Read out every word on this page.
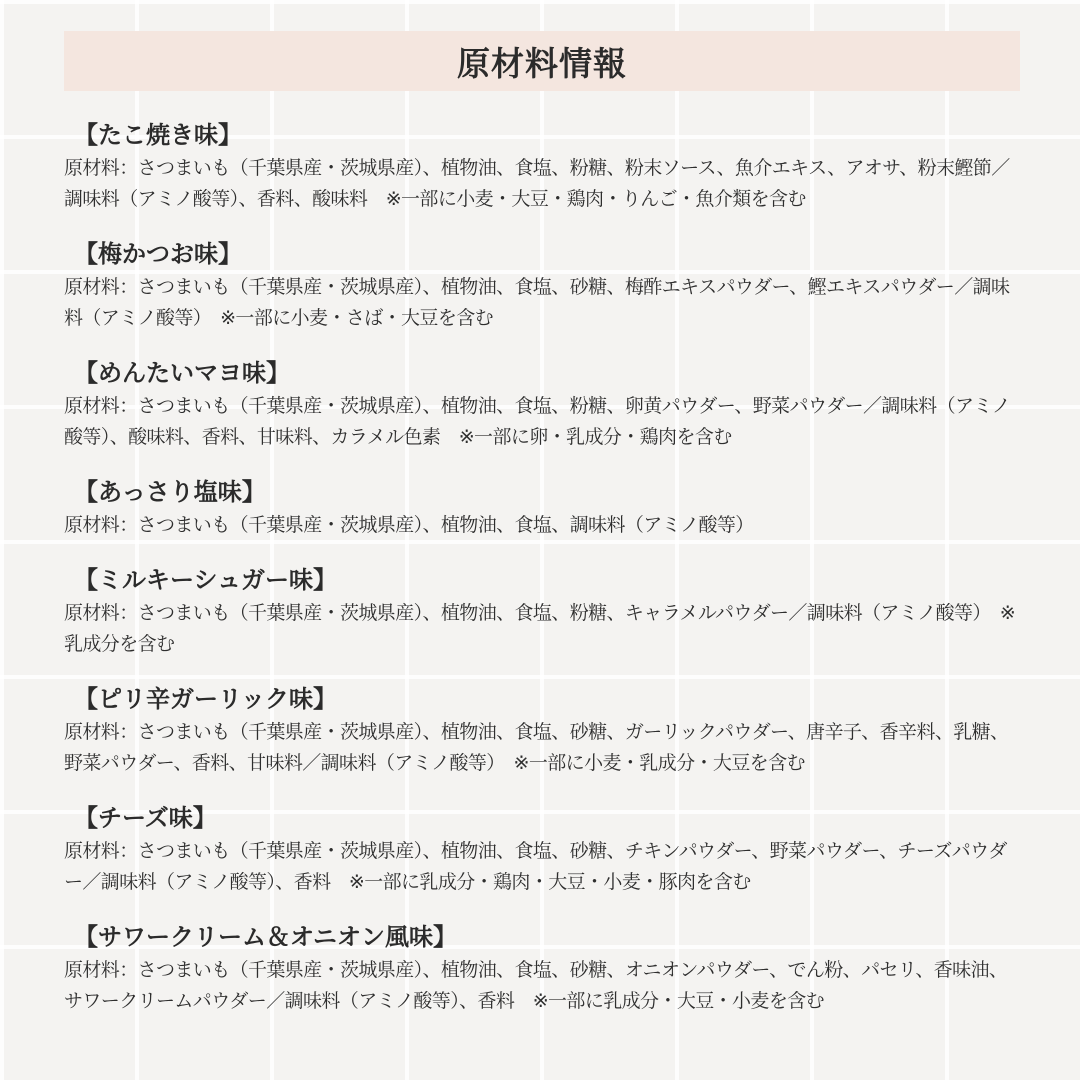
原材料情報
【たこ焼き味】

原材料：さつまいも（千葉県産・茨城県産）、植物油、食塩、粉糖、粉末ソース、魚介エキス、アオサ、粉末鰹節／調味料（アミノ酸等）、香料、酸味料　※一部に小麦・大豆・鶏肉・りんご・魚介類を含む

【梅かつお味】

原材料：さつまいも（千葉県産・茨城県産）、植物油、食塩、砂糖、梅酢エキスパウダー、鰹エキスパウダー／調味料（アミノ酸等）　※一部に小麦・さば・大豆を含む

【めんたいマヨ味】

原材料：さつまいも（千葉県産・茨城県産）、植物油、食塩、粉糖、卵黄パウダー、野菜パウダー／調味料（アミノ酸等）、酸味料、香料、甘味料、カラメル色素　※一部に卵・乳成分・鶏肉を含む

【あっさり塩味】

原材料：さつまいも（千葉県産・茨城県産）、植物油、食塩、調味料（アミノ酸等）

【ミルキーシュガー味】

原材料：さつまいも（千葉県産・茨城県産）、植物油、食塩、粉糖、キャラメルパウダー／調味料（アミノ酸等）　※乳成分を含む

【ピリ辛ガーリック味】

原材料：さつまいも（千葉県産・茨城県産）、植物油、食塩、砂糖、ガーリックパウダー、唐辛子、香辛料、乳糖、野菜パウダー、香料、甘味料／調味料（アミノ酸等）　※一部に小麦・乳成分・大豆を含む

【チーズ味】

原材料：さつまいも（千葉県産・茨城県産）、植物油、食塩、砂糖、チキンパウダー、野菜パウダー、チーズパウダー／調味料（アミノ酸等）、香料　※一部に乳成分・鶏肉・大豆・小麦・豚肉を含む

【サワークリーム＆オニオン風味】

原材料：さつまいも（千葉県産・茨城県産）、植物油、食塩、砂糖、オニオンパウダー、でん粉、パセリ、香味油、サワークリームパウダー／調味料（アミノ酸等）、香料　※一部に乳成分・大豆・小麦を含む
